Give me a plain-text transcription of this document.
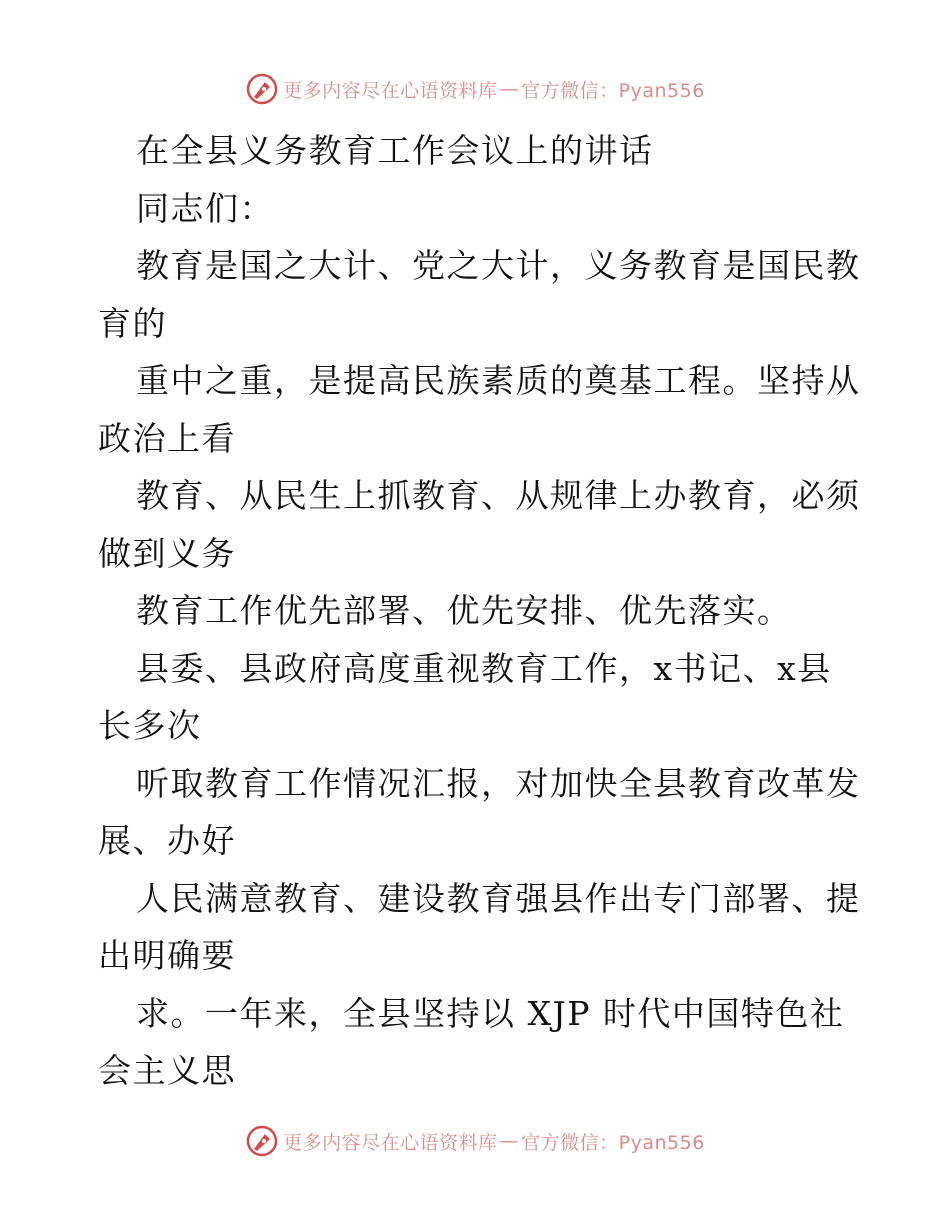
更多内容尽在心语资料库 — 官方微信：Pyan556
在全县义务教育工作会议上的讲话
同志们：
教育是国之大计、党之大计，义务教育是国民教
育的
重中之重，是提高民族素质的奠基工程。坚持从
政治上看
教育、从民生上抓教育、从规律上办教育，必须
做到义务
教育工作优先部署、优先安排、优先落实。
县委、县政府高度重视教育工作，x书记、x县
长多次
听取教育工作情况汇报，对加快全县教育改革发
展、办好
人民满意教育、建设教育强县作出专门部署、提
出明确要
求。一年来，全县坚持以 XJP 时代中国特色社
会主义思
更多内容尽在心语资料库 — 官方微信：Pyan556
